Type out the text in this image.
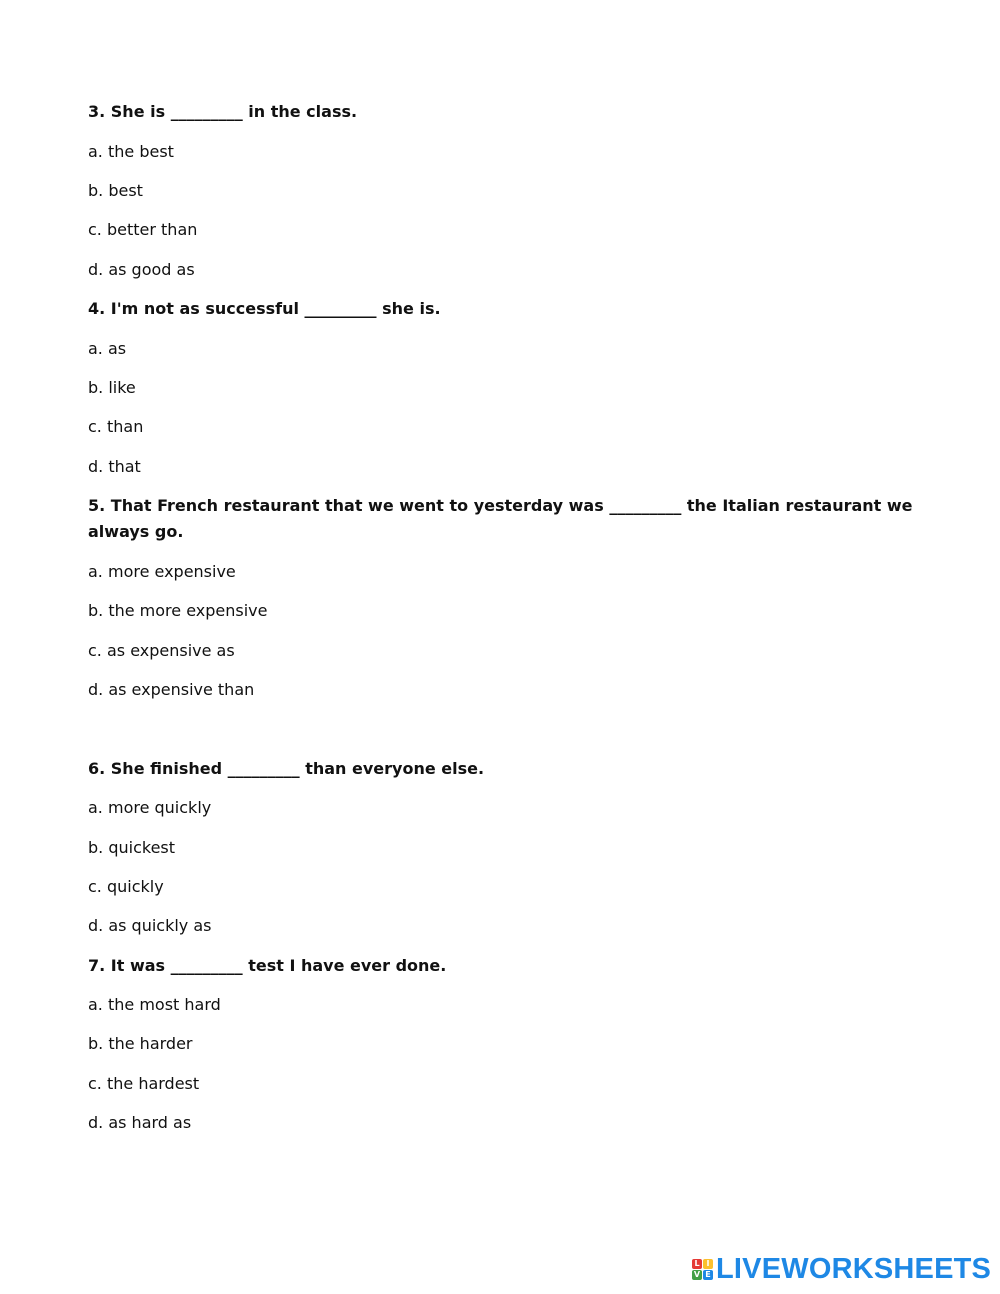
3. She is _________ in the class.
a. the best
b. best
c. better than
d. as good as
4. I'm not as successful _________ she is.
a. as
b. like
c. than
d. that
5. That French restaurant that we went to yesterday was _________ the Italian restaurant we always go.
a. more expensive
b. the more expensive
c. as expensive as
d. as expensive than
6. She finished _________ than everyone else.
a. more quickly
b. quickest
c. quickly
d. as quickly as
7. It was _________ test I have ever done.
a. the most hard
b. the harder
c. the hardest
d. as hard as
L I
V E LIVEWORKSHEETS
